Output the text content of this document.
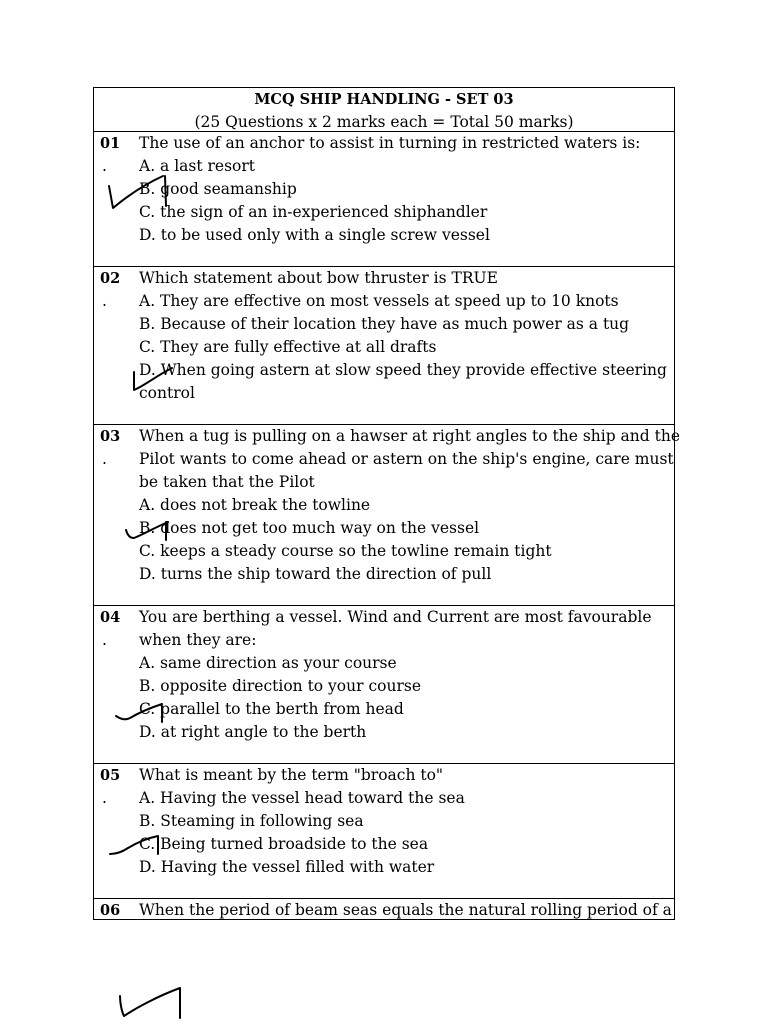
MCQ SHIP HANDLING - SET 03
(25 Questions x 2 marks each = Total 50 marks)
01
.
The use of an anchor to assist in turning in restricted waters is:
A. a last resort
B. good seamanship
C. the sign of an in-experienced shiphandler
D. to be used only with a single screw vessel
02
.
Which statement about bow thruster is TRUE
A. They are effective on most vessels at speed up to 10 knots
B. Because of their location they have as much power as a tug
C. They are fully effective at all drafts
D. When going astern at slow speed they provide effective steering
control
03
.
When a tug is pulling on a hawser at right angles to the ship and the
Pilot wants to come ahead or astern on the ship's engine, care must
be taken that the Pilot
A. does not break the towline
B. does not get too much way on the vessel
C. keeps a steady course so the towline remain tight
D. turns the ship toward the direction of pull
04
.
You are berthing a vessel. Wind and Current are most favourable
when they are:
A. same direction as your course
B. opposite direction to your course
C. parallel to the berth from head
D. at right angle to the berth
05
.
What is meant by the term "broach to"
A. Having the vessel head toward the sea
B. Steaming in following sea
C. Being turned broadside to the sea
D. Having the vessel filled with water
06 When the period of beam seas equals the natural rolling period of a
